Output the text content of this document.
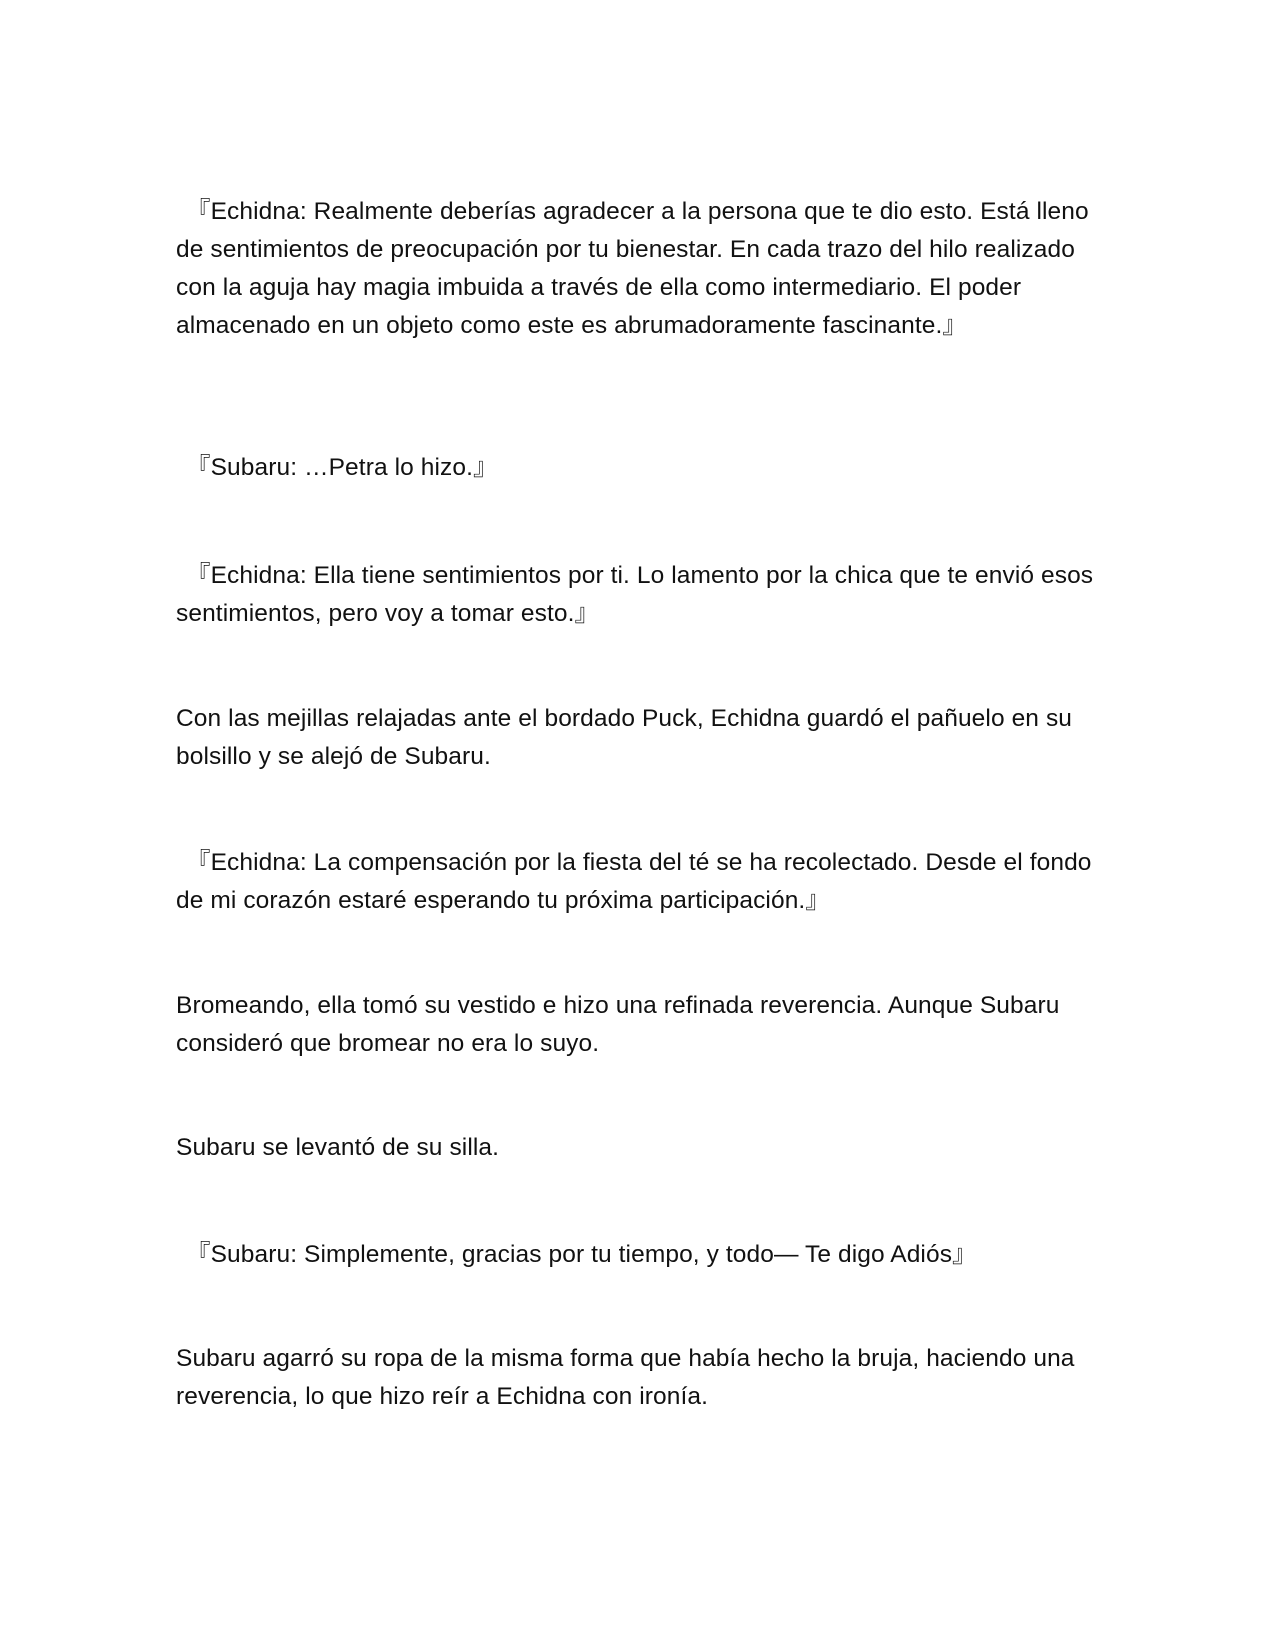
『Echidna: Realmente deberías agradecer a la persona que te dio esto. Está lleno de sentimientos de preocupación por tu bienestar. En cada trazo del hilo realizado con la aguja hay magia imbuida a través de ella como intermediario. El poder almacenado en un objeto como este es abrumadoramente fascinante.』

『Subaru: …Petra lo hizo.』

『Echidna: Ella tiene sentimientos por ti. Lo lamento por la chica que te envió esos sentimientos, pero voy a tomar esto.』

Con las mejillas relajadas ante el bordado Puck, Echidna guardó el pañuelo en su bolsillo y se alejó de Subaru.

『Echidna: La compensación por la fiesta del té se ha recolectado. Desde el fondo de mi corazón estaré esperando tu próxima participación.』

Bromeando, ella tomó su vestido e hizo una refinada reverencia. Aunque Subaru consideró que bromear no era lo suyo.

Subaru se levantó de su silla.

『Subaru: Simplemente, gracias por tu tiempo, y todo— Te digo Adiós』

Subaru agarró su ropa de la misma forma que había hecho la bruja, haciendo una reverencia, lo que hizo reír a Echidna con ironía.
